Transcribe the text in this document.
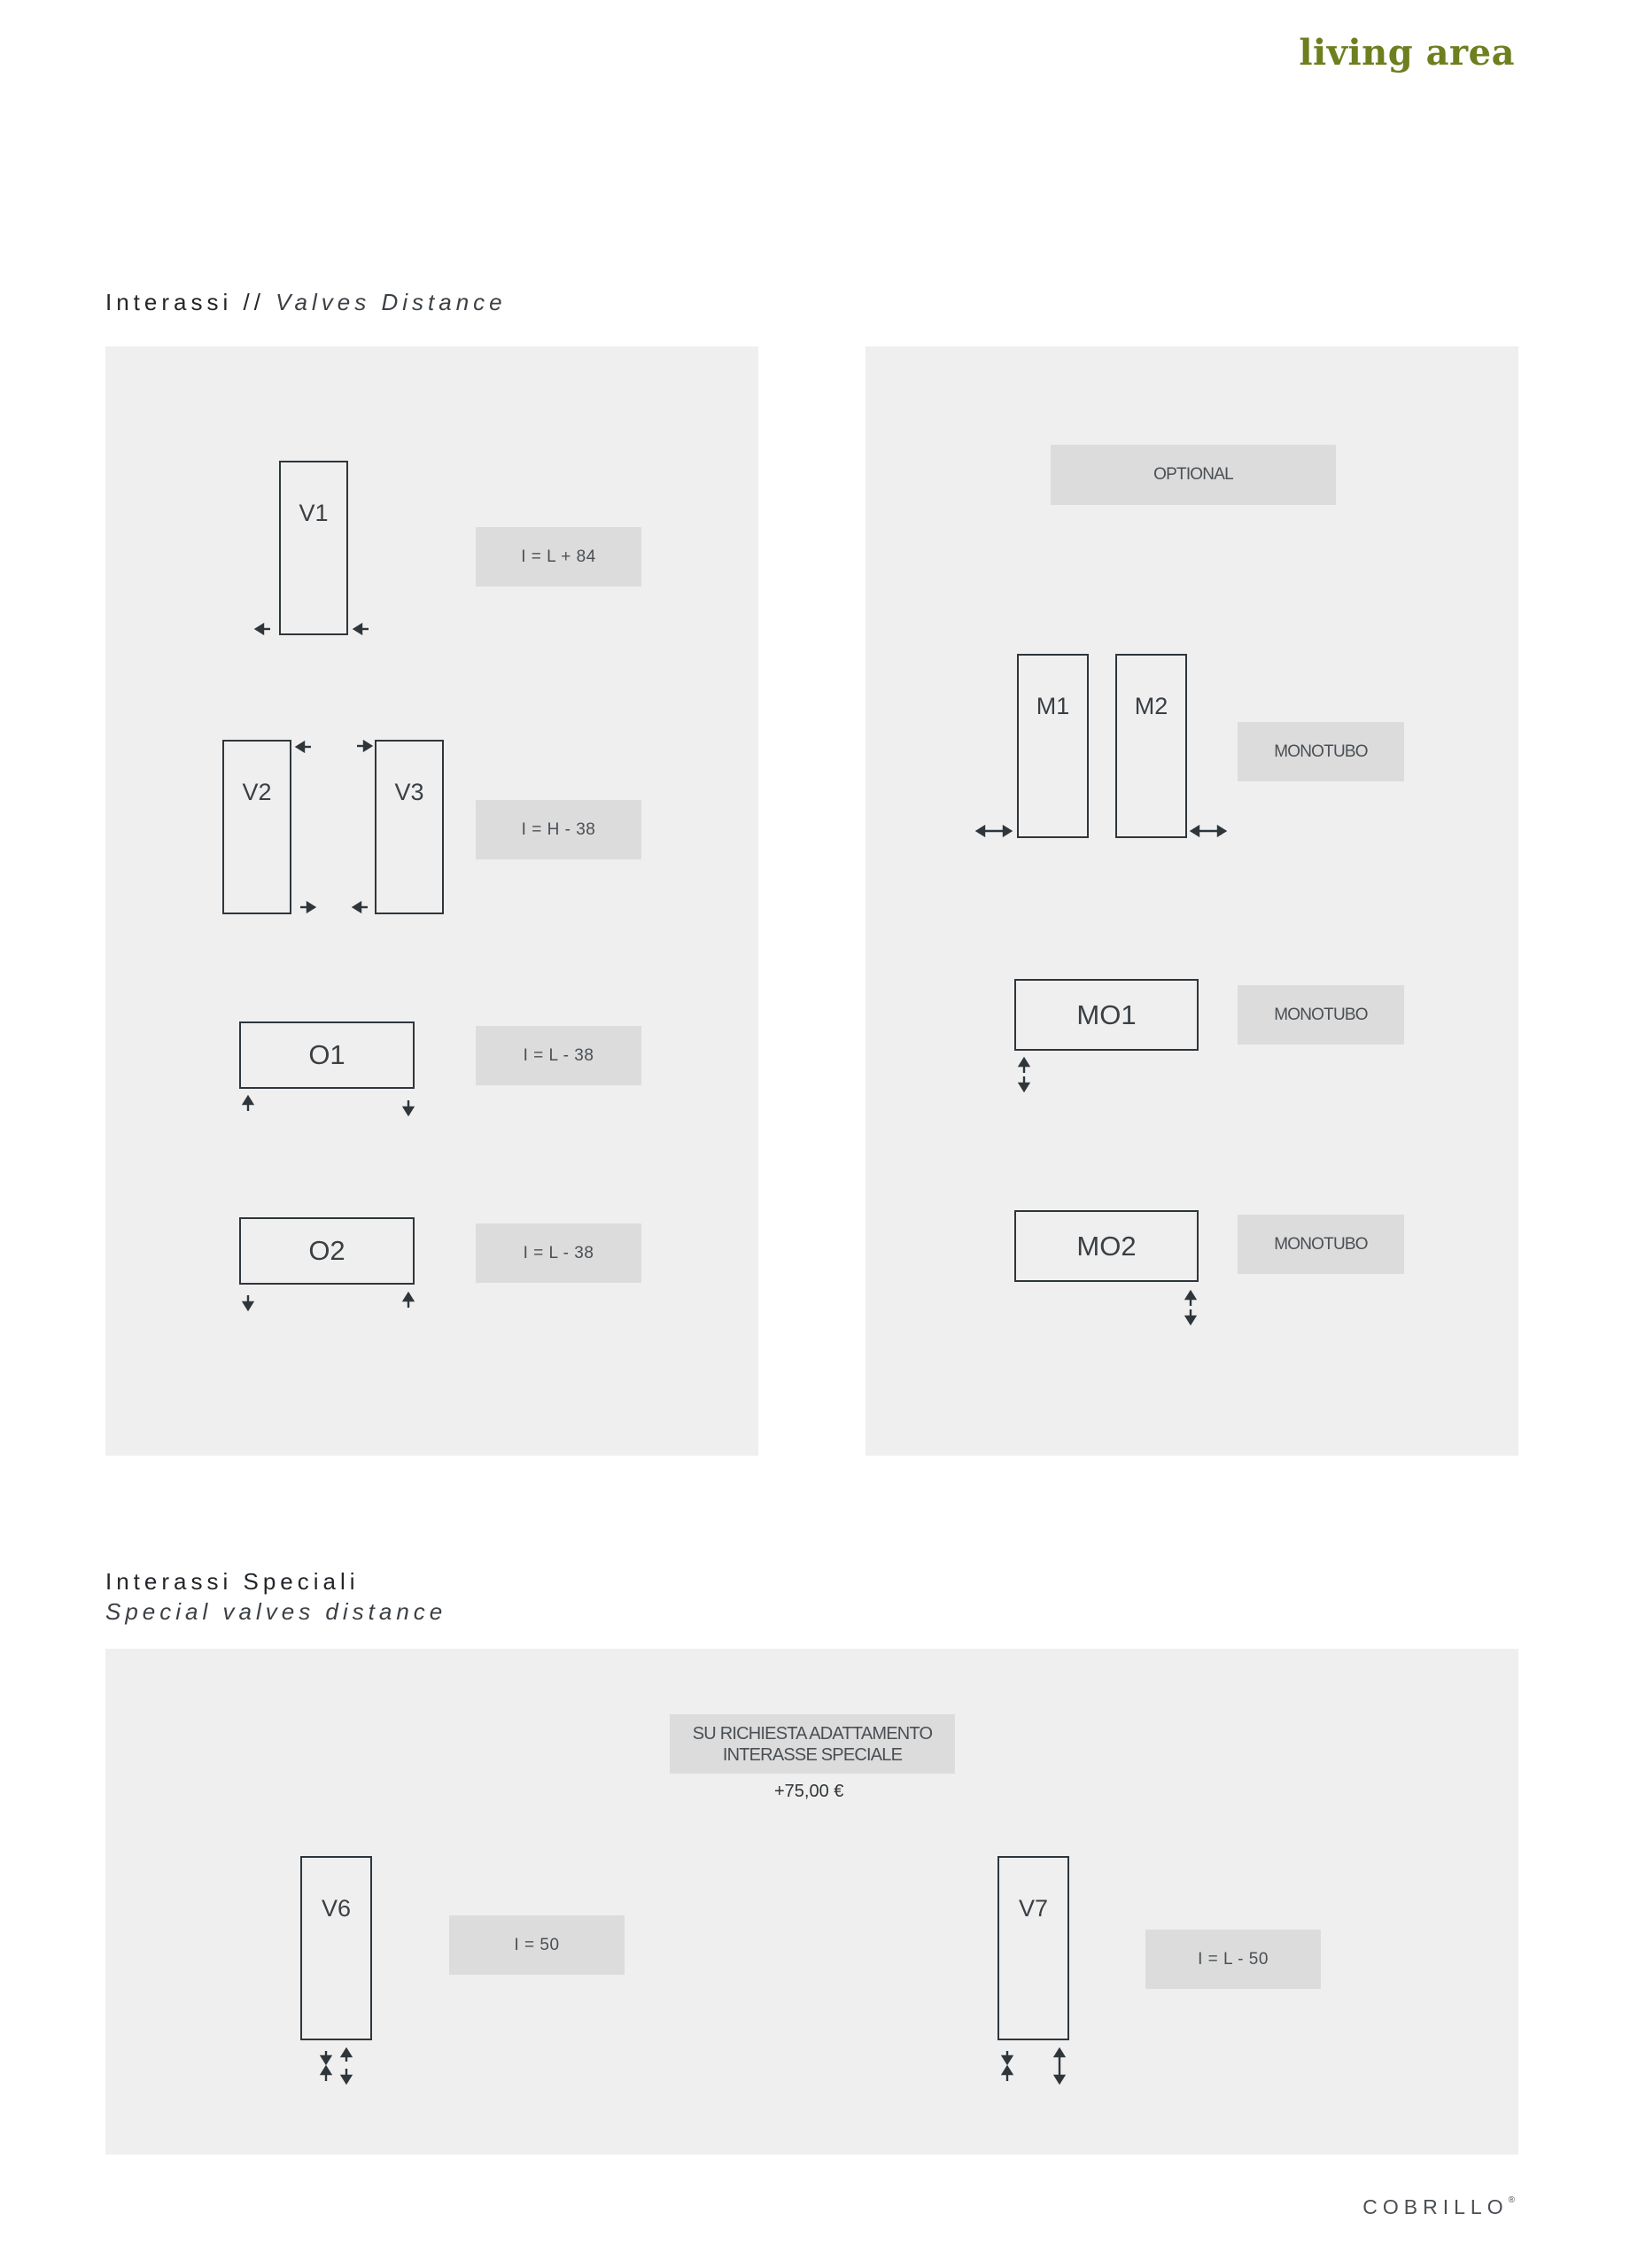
living area
Interassi // Valves Distance
V1
I = L + 84
V2	V3
I = H - 38
O1	I = L - 38
O2	I = L - 38
OPTIONAL
M1	M2
MONOTUBO
MO1	MONOTUBO
MO2	MONOTUBO
Interassi Speciali
Special valves distance
SU RICHIESTA ADATTAMENTO
INTERASSE SPECIALE
+75,00 €
V6
I = 50
V7
I = L - 50
COBRILLO®
